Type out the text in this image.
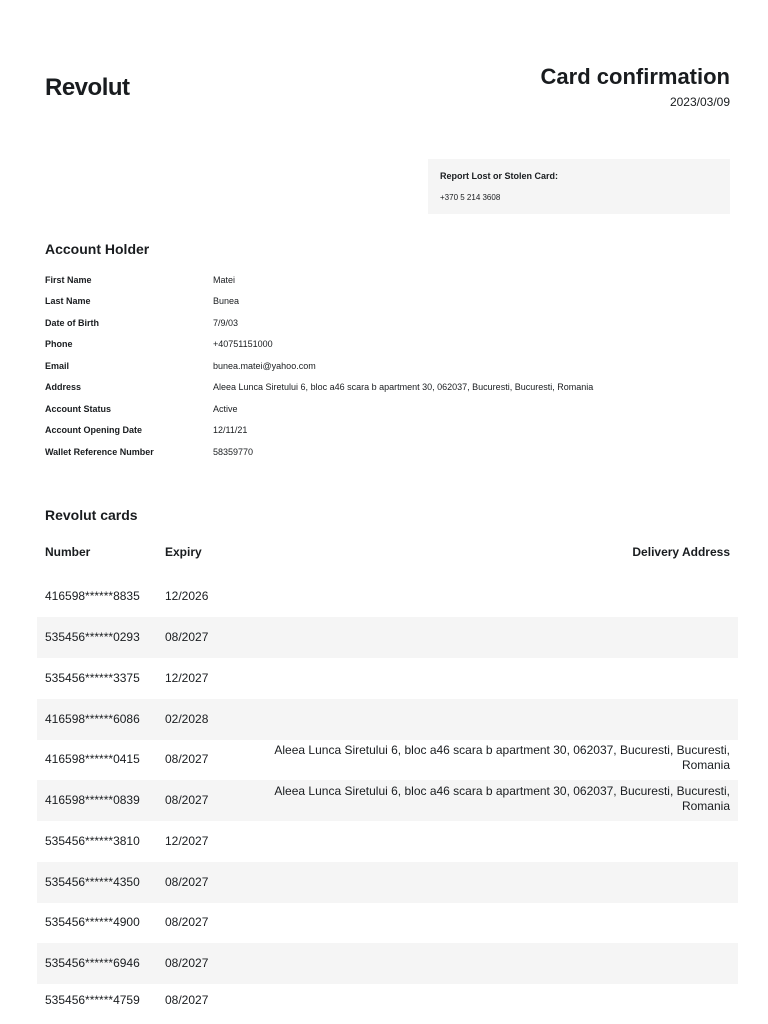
Revolut	Card confirmation
2023/03/09
Report Lost or Stolen Card:
+370 5 214 3608
Account Holder
First Name	Matei
Last Name	Bunea
Date of Birth	7/9/03
Phone	+40751151000
Email	bunea.matei@yahoo.com
Address	Aleea Lunca Siretului 6, bloc a46 scara b apartment 30, 062037, Bucuresti, Bucuresti, Romania
Account Status	Active
Account Opening Date	12/11/21
Wallet Reference Number	58359770
Revolut cards
Number	Expiry	Delivery Address
416598******8835 12/2026
535456******0293 08/2027
535456******3375 12/2027
416598******6086 02/2028
416598******0415 08/2027
Aleea Lunca Siretului 6, bloc a46 scara b apartment 30, 062037, Bucuresti, Bucuresti, Romania
416598******0839 08/2027
Aleea Lunca Siretului 6, bloc a46 scara b apartment 30, 062037, Bucuresti, Bucuresti, Romania
535456******3810 12/2027
535456******4350 08/2027
535456******4900 08/2027
535456******6946 08/2027
535456******4759 08/2027
